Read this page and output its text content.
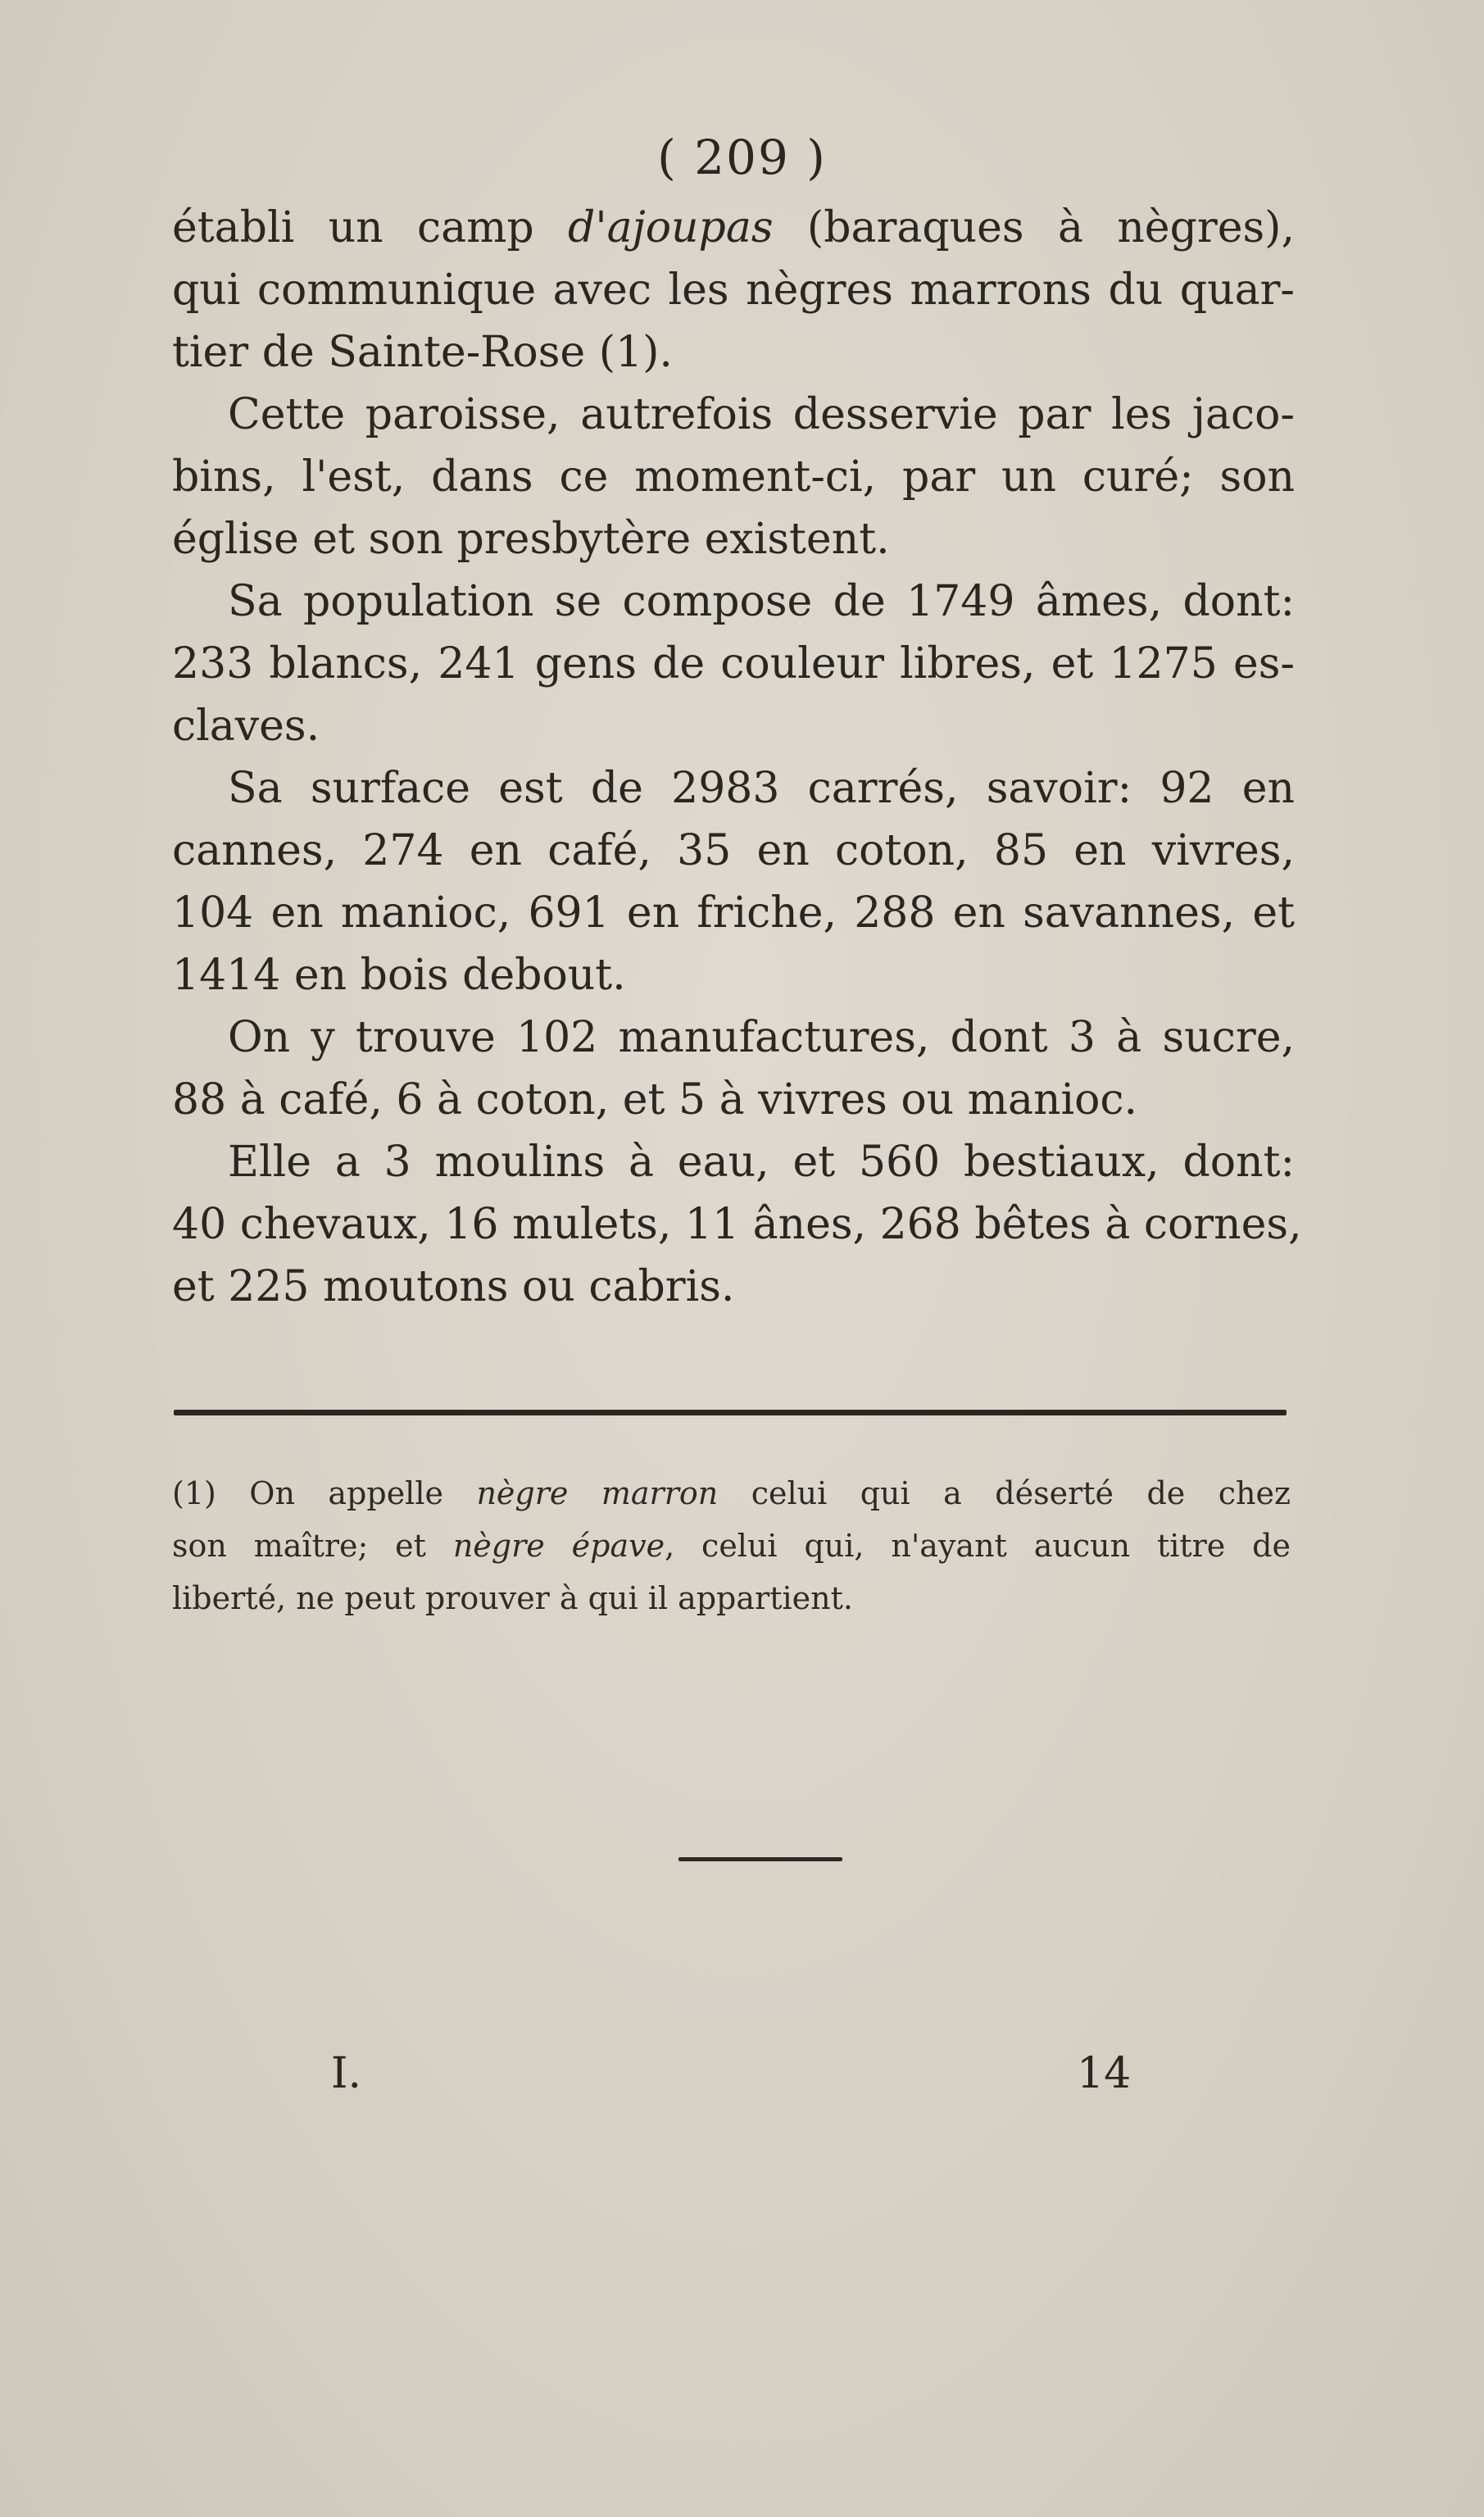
( 209 )
établi un camp d'ajoupas (baraques à nègres),
qui communique avec les nègres marrons du quar-
tier de Sainte-Rose (1).
Cette paroisse, autrefois desservie par les jaco-
bins, l'est, dans ce moment-ci, par un curé; son
église et son presbytère existent.
Sa population se compose de 1749 âmes, dont:
233 blancs, 241 gens de couleur libres, et 1275 es-
claves.
Sa surface est de 2983 carrés, savoir: 92 en
cannes, 274 en café, 35 en coton, 85 en vivres,
104 en manioc, 691 en friche, 288 en savannes, et
1414 en bois debout.
On y trouve 102 manufactures, dont 3 à sucre,
88 à café, 6 à coton, et 5 à vivres ou manioc.
Elle a 3 moulins à eau, et 560 bestiaux, dont:
40 chevaux, 16 mulets, 11 ânes, 268 bêtes à cornes,
et 225 moutons ou cabris.
(1) On appelle nègre marron celui qui a déserté de chez
son maître; et nègre épave, celui qui, n'ayant aucun titre de
liberté, ne peut prouver à qui il appartient.
I.	14
